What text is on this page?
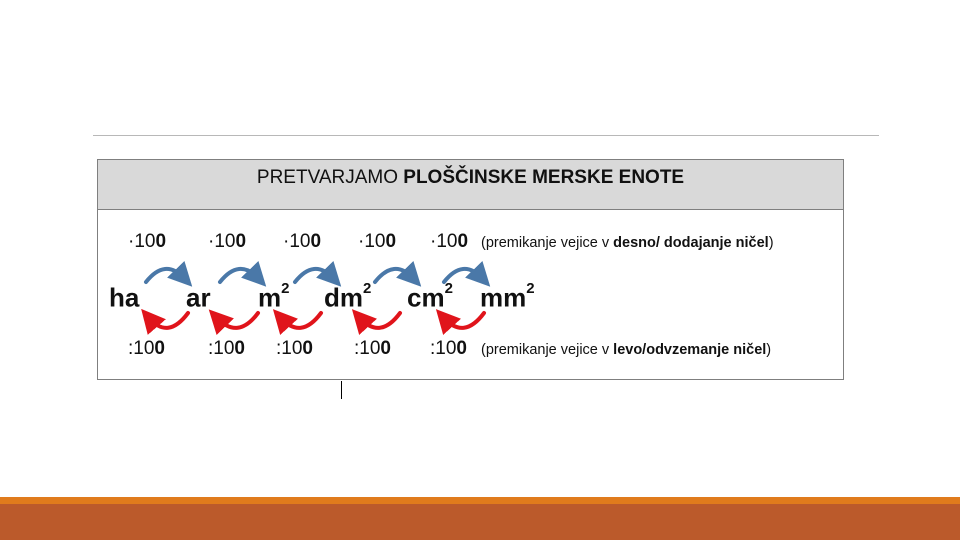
PRETVARJAMO PLOŠČINSKE MERSKE ENOTE
·100 ·100 ·100 ·100 ·100 (premikanje vejice v desno/ dodajanje ničel)
ha ar $m^2$ $dm^2$ $cm^2$ $mm^2$
:100 :100 :100 :100 :100 (premikanje vejice v levo/odvzemanje ničel)
